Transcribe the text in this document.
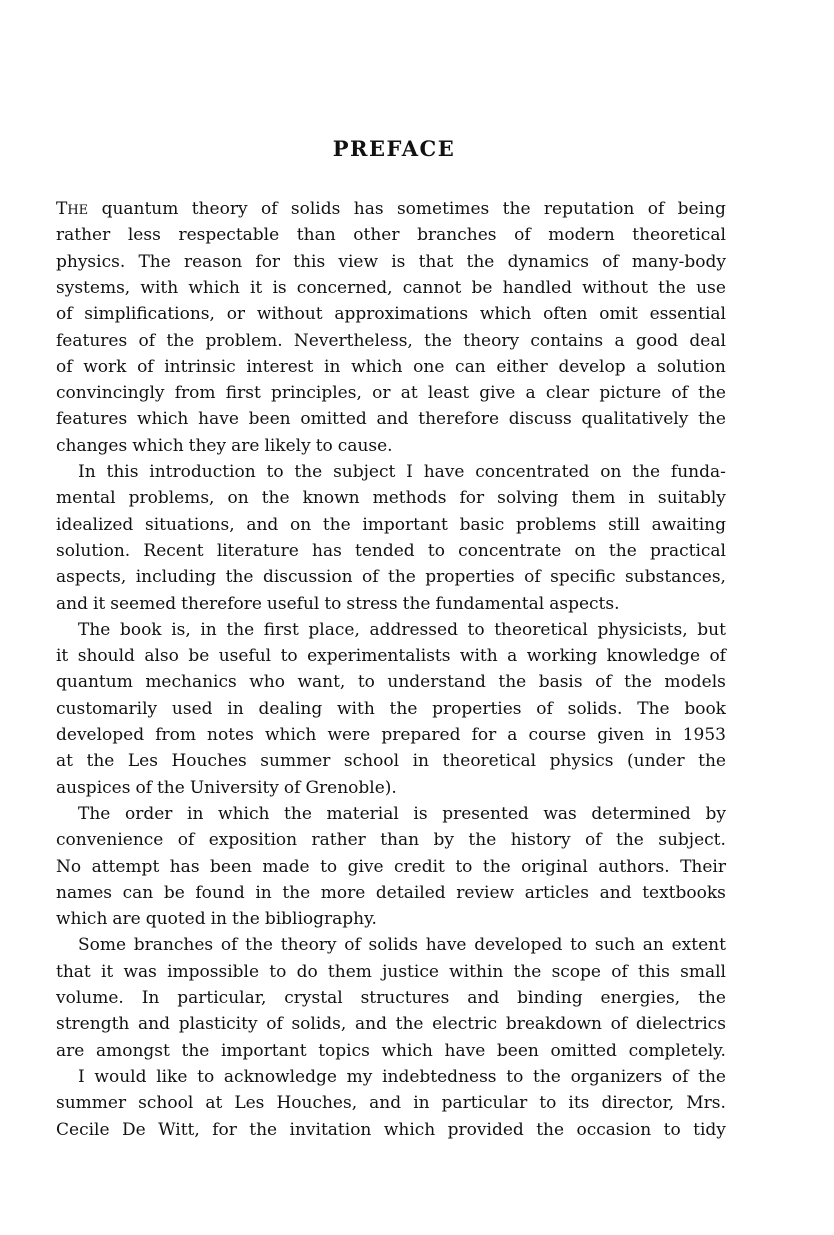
PREFACE
THE quantum theory of solids has sometimes the reputation of being
rather less respectable than other branches of modern theoretical
physics. The reason for this view is that the dynamics of many-body
systems, with which it is concerned, cannot be handled without the use
of simplifications, or without approximations which often omit essential
features of the problem. Nevertheless, the theory contains a good deal
of work of intrinsic interest in which one can either develop a solution
convincingly from first principles, or at least give a clear picture of the
features which have been omitted and therefore discuss qualitatively the
changes which they are likely to cause.
In this introduction to the subject I have concentrated on the funda-
mental problems, on the known methods for solving them in suitably
idealized situations, and on the important basic problems still awaiting
solution. Recent literature has tended to concentrate on the practical
aspects, including the discussion of the properties of specific substances,
and it seemed therefore useful to stress the fundamental aspects.
The book is, in the first place, addressed to theoretical physicists, but
it should also be useful to experimentalists with a working knowledge of
quantum mechanics who want, to understand the basis of the models
customarily used in dealing with the properties of solids. The book
developed from notes which were prepared for a course given in 1953
at the Les Houches summer school in theoretical physics (under the
auspices of the University of Grenoble).
The order in which the material is presented was determined by
convenience of exposition rather than by the history of the subject.
No attempt has been made to give credit to the original authors. Their
names can be found in the more detailed review articles and textbooks
which are quoted in the bibliography.
Some branches of the theory of solids have developed to such an extent
that it was impossible to do them justice within the scope of this small
volume. In particular, crystal structures and binding energies, the
strength and plasticity of solids, and the electric breakdown of dielectrics
are amongst the important topics which have been omitted completely.
I would like to acknowledge my indebtedness to the organizers of the
summer school at Les Houches, and in particular to its director, Mrs.
Cecile De Witt, for the invitation which provided the occasion to tidy
